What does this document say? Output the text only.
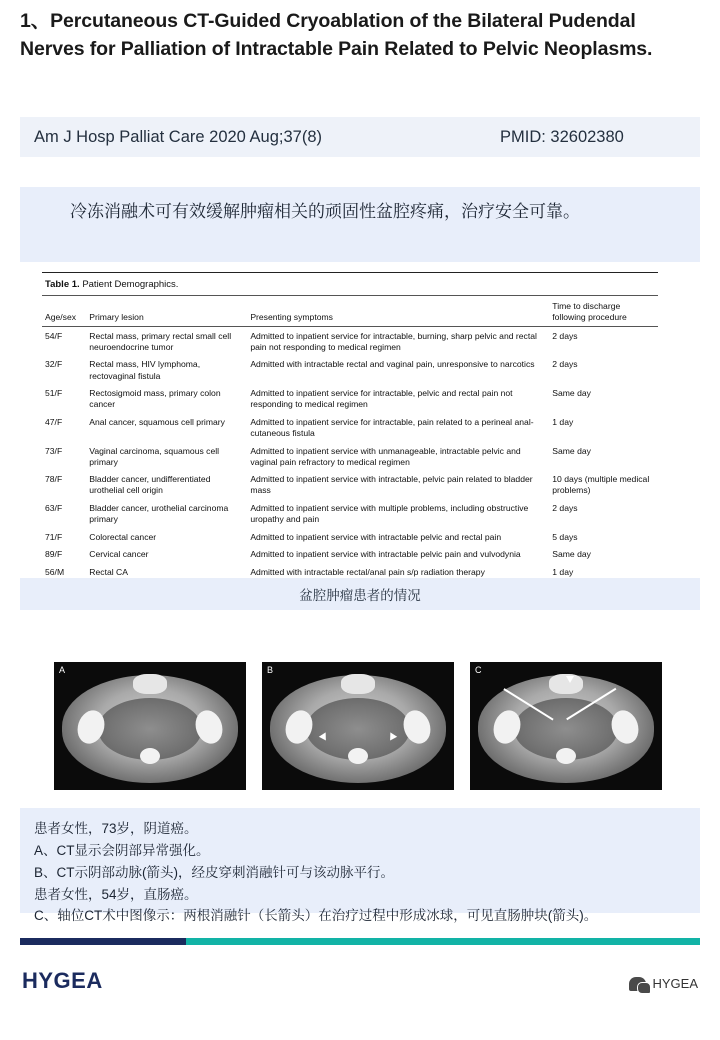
1、Percutaneous CT-Guided Cryoablation of the Bilateral Pudendal Nerves for Palliation of Intractable Pain Related to Pelvic Neoplasms.
Am J Hosp Palliat Care 2020 Aug;37(8)	PMID: 32602380
冷冻消融术可有效缓解肿瘤相关的顽固性盆腔疼痛，治疗安全可靠。
Table 1. Patient Demographics.
Age/sex	Primary lesion	Presenting symptoms	Time to discharge following procedure
54/F	Rectal mass, primary rectal small cell neuroendocrine tumor	Admitted to inpatient service for intractable, burning, sharp pelvic and rectal pain not responding to medical regimen	2 days
32/F	Rectal mass, HIV lymphoma, rectovaginal fistula	Admitted with intractable rectal and vaginal pain, unresponsive to narcotics	2 days
51/F	Rectosigmoid mass, primary colon cancer	Admitted to inpatient service for intractable, pelvic and rectal pain not responding to medical regimen	Same day
47/F	Anal cancer, squamous cell primary	Admitted to inpatient service for intractable, pain related to a perineal anal-cutaneous fistula	1 day
73/F	Vaginal carcinoma, squamous cell primary	Admitted to inpatient service with unmanageable, intractable pelvic and vaginal pain refractory to medical regimen	Same day
78/F	Bladder cancer, undifferentiated urothelial cell origin	Admitted to inpatient service with intractable, pelvic pain related to bladder mass	10 days (multiple medical problems)
63/F	Bladder cancer, urothelial carcinoma primary	Admitted to inpatient service with multiple problems, including obstructive uropathy and pain	2 days
71/F	Colorectal cancer	Admitted to inpatient service with intractable pelvic and rectal pain	5 days
89/F	Cervical cancer	Admitted to inpatient service with intractable pelvic pain and vulvodynia	Same day
56/M	Rectal CA	Admitted with intractable rectal/anal pain s/p radiation therapy	1 day
盆腔肿瘤患者的情况
A	B	C
患者女性，73岁，阴道癌。
A、CT显示会阴部异常强化。
B、CT示阴部动脉(箭头)，经皮穿刺消融针可与该动脉平行。
患者女性，54岁，直肠癌。
C、轴位CT术中图像示：两根消融针（长箭头）在治疗过程中形成冰球，可见直肠肿块(箭头)。
HYGEA	HYGEA
